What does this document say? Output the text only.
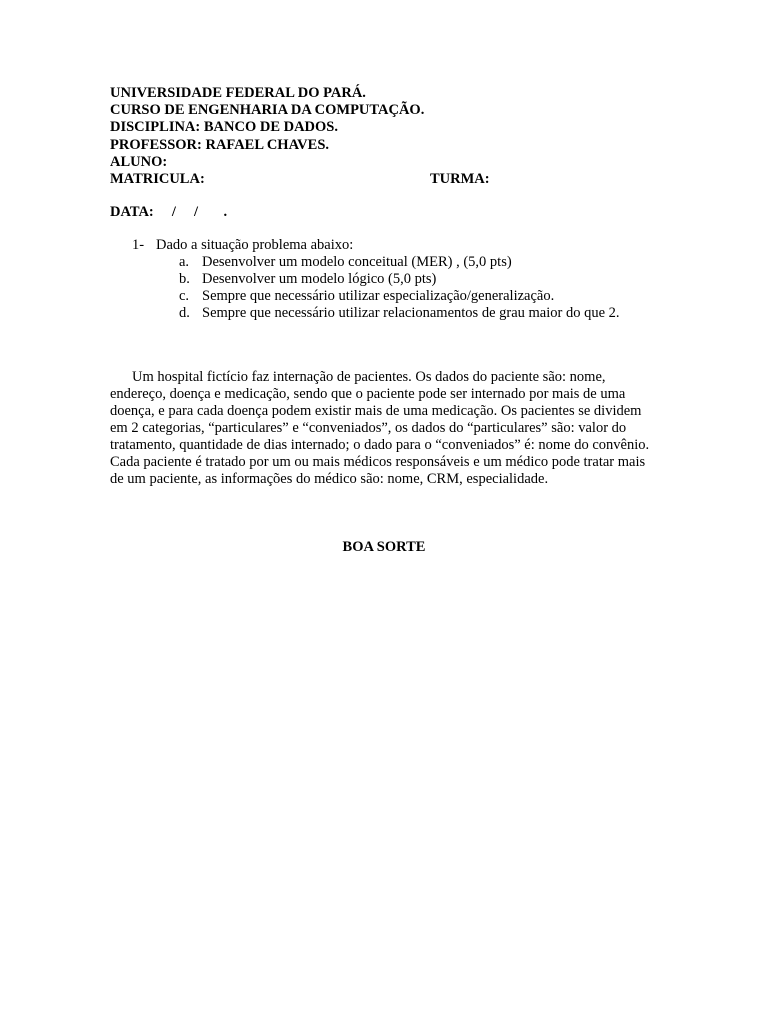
UNIVERSIDADE FEDERAL DO PARÁ.
CURSO DE ENGENHARIA DA COMPUTAÇÃO.
DISCIPLINA: BANCO DE DADOS.
PROFESSOR: RAFAEL CHAVES.
ALUNO:
MATRICULA:	TURMA:
DATA:     /     /       .
1- Dado a situação problema abaixo:
a. Desenvolver um modelo conceitual (MER) , (5,0 pts)
b. Desenvolver um modelo lógico (5,0 pts)
c. Sempre que necessário utilizar especialização/generalização.
d. Sempre que necessário utilizar relacionamentos de grau maior do que 2.

Um hospital fictício faz internação de pacientes. Os dados do paciente são: nome, endereço, doença e medicação, sendo que o paciente pode ser internado por mais de uma doença, e para cada doença podem existir mais de uma medicação. Os pacientes se dividem em 2 categorias, “particulares” e “conveniados”, os dados do “particulares” são: valor do tratamento, quantidade de dias internado; o dado para o “conveniados” é: nome do convênio. Cada paciente é tratado por um ou mais médicos responsáveis e um médico pode tratar mais de um paciente, as informações do médico são: nome, CRM, especialidade.

BOA SORTE
